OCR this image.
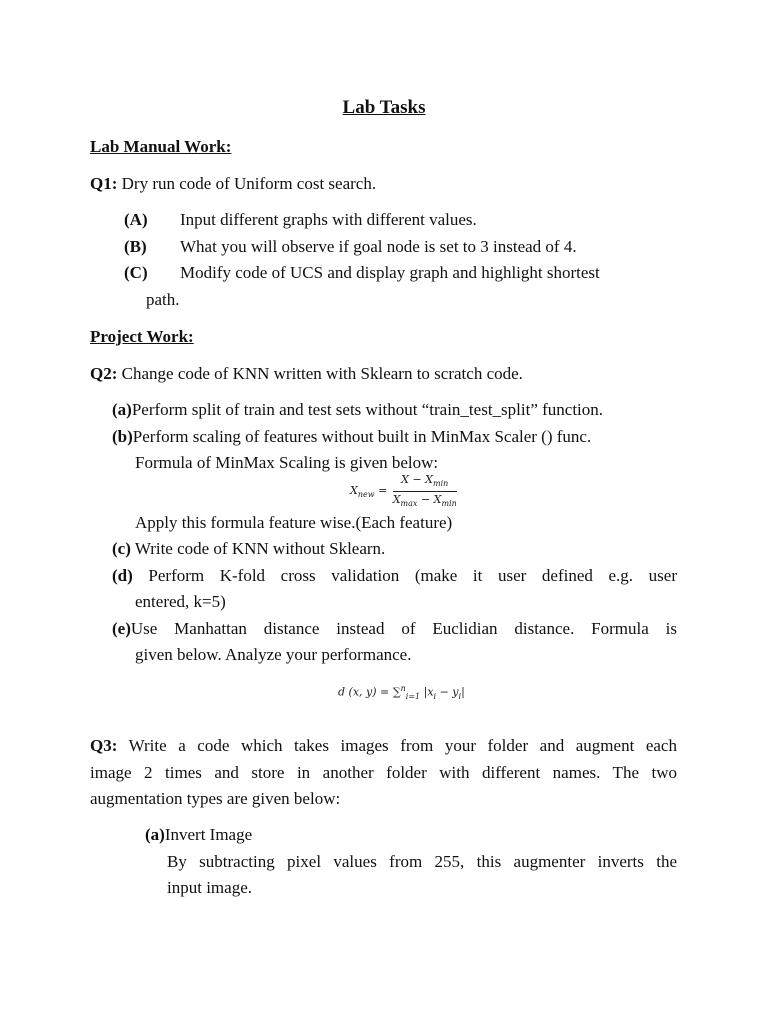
Lab Tasks
Lab Manual Work:
Q1: Dry run code of Uniform cost search.
(A) Input different graphs with different values.
(B) What you will observe if goal node is set to 3 instead of 4.
(C) Modify code of UCS and display graph and highlight shortest
path.
Project Work:
Q2: Change code of KNN written with Sklearn to scratch code.
(a)Perform split of train and test sets without “train_test_split” function.
(b)Perform scaling of features without built in MinMax Scaler () func.
Formula of MinMax Scaling is given below:
$X_{new} = \frac{X - X_{min}}{X_{max} - X_{min}}$
Apply this formula feature wise.(Each feature)
(c) Write code of KNN without Sklearn.
(d) Perform K-fold cross validation (make it user defined e.g. user
entered, k=5)
(e)Use Manhattan distance instead of Euclidian distance. Formula is
given below. Analyze your performance.
d (x, y) = ∑$^n_{i=1}$ $|x_i - y_i|$
Q3: Write a code which takes images from your folder and augment each
image 2 times and store in another folder with different names. The two
augmentation types are given below:
(a)Invert Image
By subtracting pixel values from 255, this augmenter inverts the
input image.
